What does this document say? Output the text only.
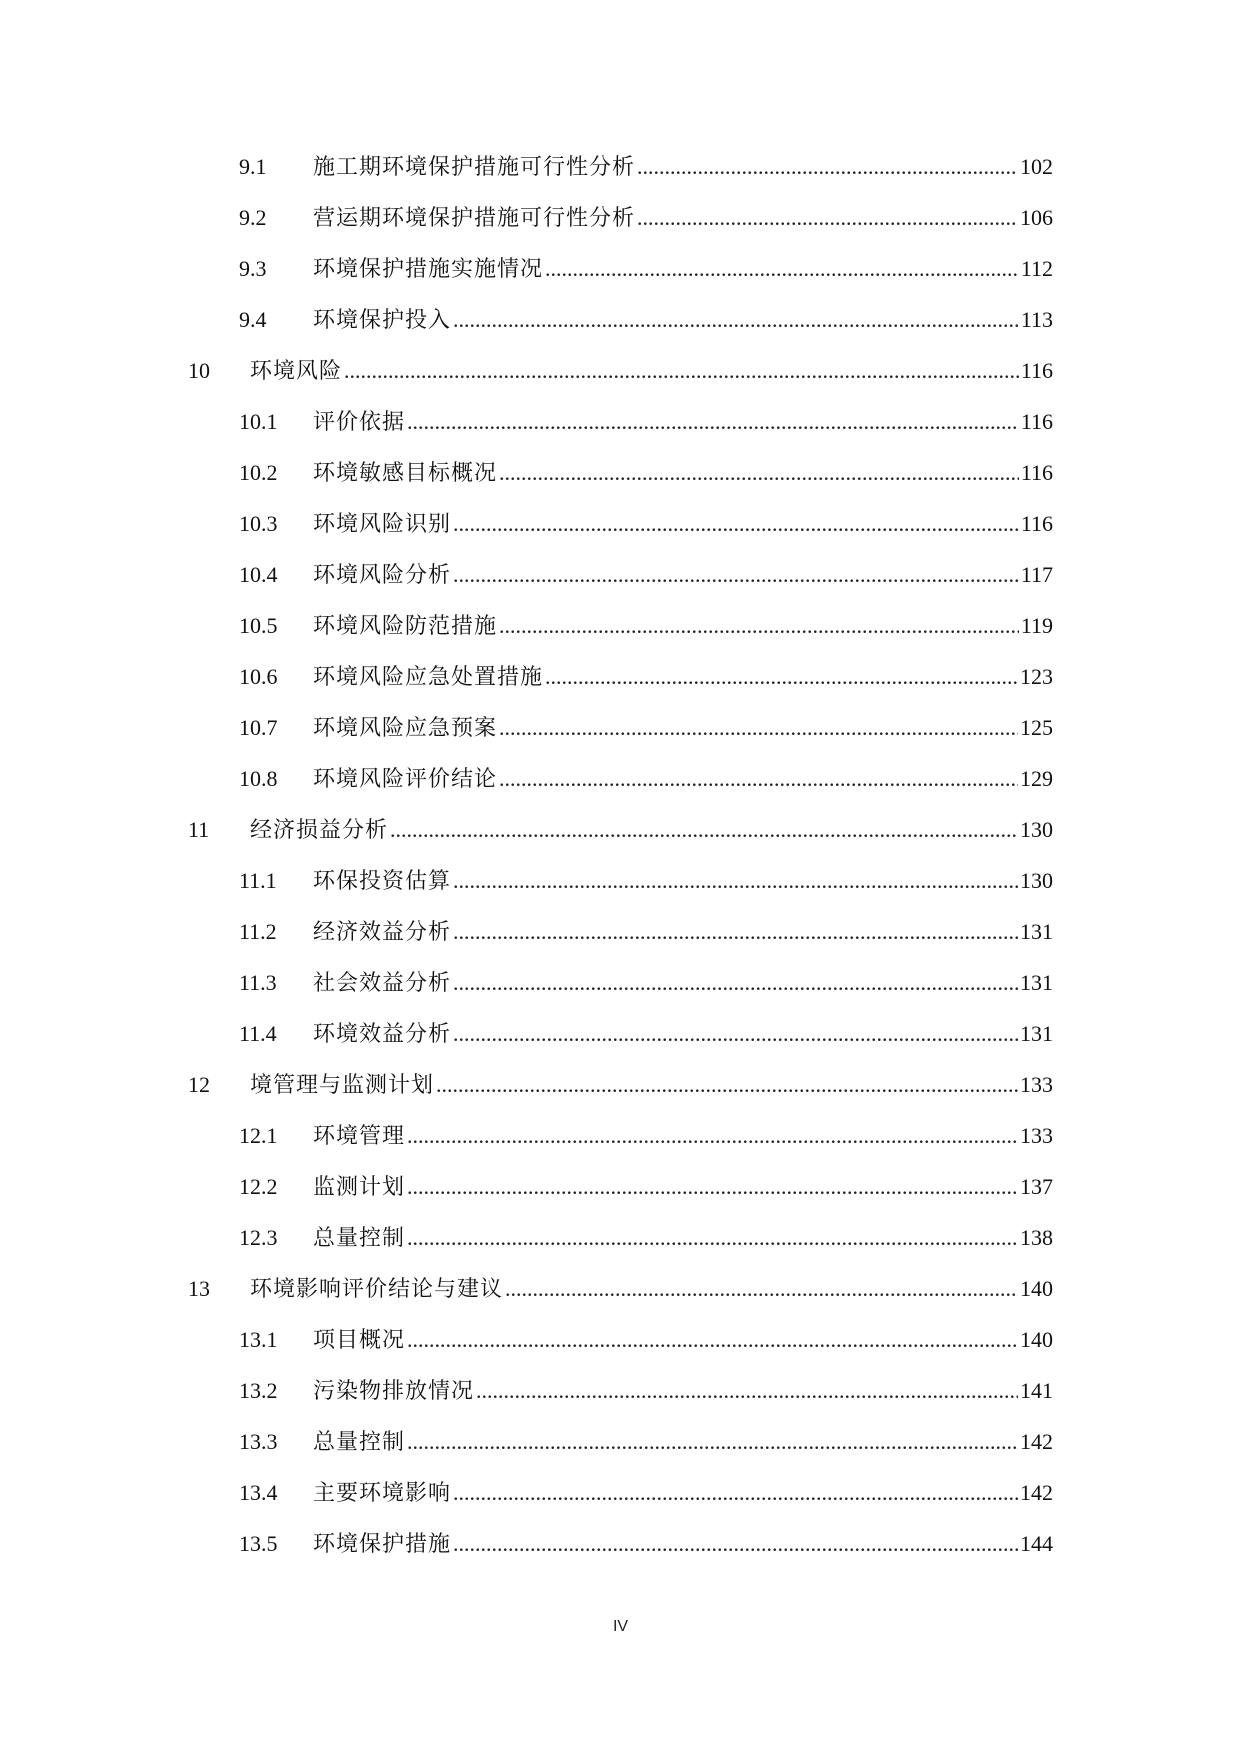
9.1 施工期环境保护措施可行性分析 .....	102
9.2 营运期环境保护措施可行性分析 .....	106
9.3 环境保护措施实施情况 .....	112
9.4 环境保护投入 .....	113
10 环境风险 .....	116
10.1 评价依据 .....	116
10.2 环境敏感目标概况 .....	116
10.3 环境风险识别 .....	116
10.4 环境风险分析 .....	117
10.5 环境风险防范措施 .....	119
10.6 环境风险应急处置措施 .....	123
10.7 环境风险应急预案 .....	125
10.8 环境风险评价结论 .....	129
11 经济损益分析 .....	130
11.1 环保投资估算 .....	130
11.2 经济效益分析 .....	131
11.3 社会效益分析 .....	131
11.4 环境效益分析 .....	131
12 境管理与监测计划 .....	133
12.1 环境管理 .....	133
12.2 监测计划 .....	137
12.3 总量控制 .....	138
13 环境影响评价结论与建议 .....	140
13.1 项目概况 .....	140
13.2 污染物排放情况 .....	141
13.3 总量控制 .....	142
13.4 主要环境影响 .....	142
13.5 环境保护措施 .....	144
IV
